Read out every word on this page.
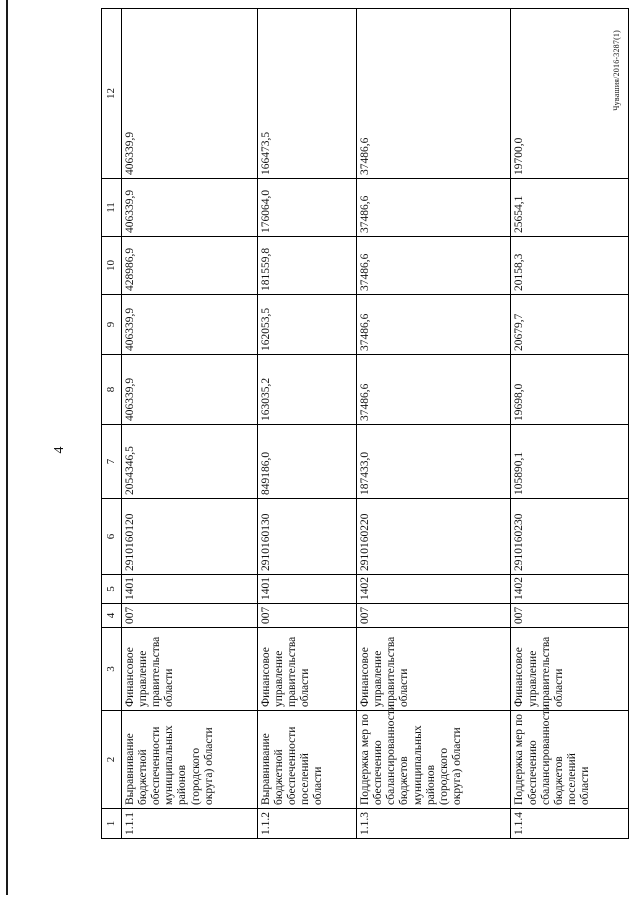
4
1	2	3	4	5	6	7	8	9	10	11	12
1.1.1	Выравнивание бюджетной обеспеченности муниципальных районов (городского округа) области	Финансовое управление правительства области	007	1401	2910160120	2054346,5	406339,9	406339,9	428986,9	406339,9	406339,9
1.1.2	Выравнивание бюджетной обеспеченности поселений области	Финансовое управление правительства области	007	1401	2910160130	849186,0	163035,2	162053,5	181559,8	176064,0	166473,5
1.1.3	Поддержка мер по обеспечению сбалансированности бюджетов муниципальных районов (городского округа) области	Финансовое управление правительства области	007	1402	2910160220	187433,0	37486,6	37486,6	37486,6	37486,6	37486,6
1.1.4	Поддержка мер по обеспечению сбалансированности бюджетов поселений области	Финансовое управление правительства области	007	1402	2910160230	105890,1	19698,0	20679,7	20158,3	25654,1	19700,0
Чувашия/2016-3287(1)
